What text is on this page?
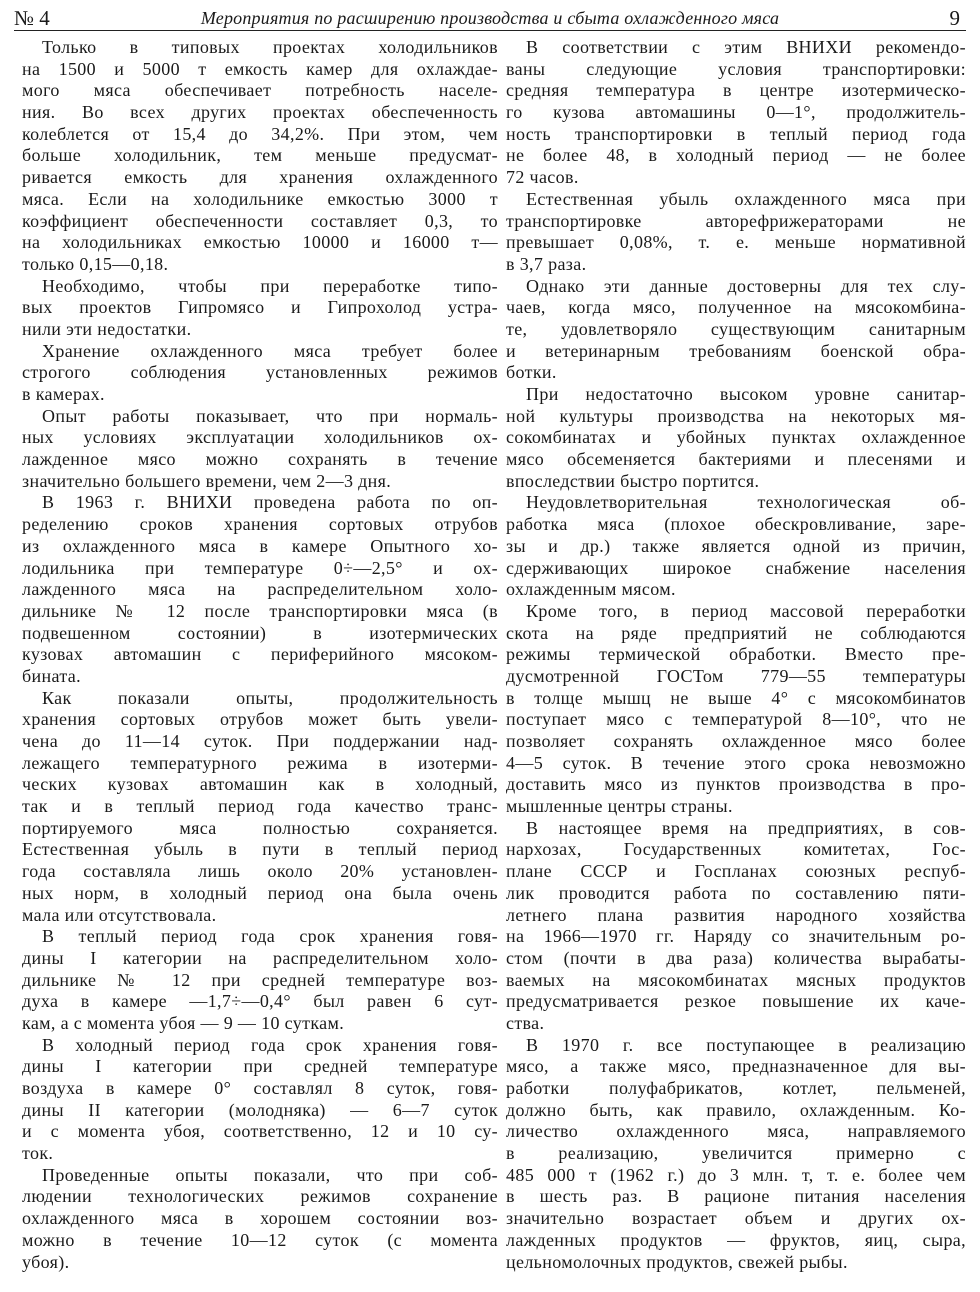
№ 4	Мероприятия по расширению производства и сбыта охлажденного мяса	9
Только в типовых проектах холодильников
на 1500 и 5000 т емкость камер для охлаждае-
мого мяса обеспечивает потребность населе-
ния. Во всех других проектах обеспеченность
колеблется от 15,4 до 34,2%. При этом, чем
больше холодильник, тем меньше предусмат-
ривается емкость для хранения охлажденного
мяса. Если на холодильнике емкостью 3000 т
коэффициент обеспеченности составляет 0,3, то
на холодильниках емкостью 10000 и 16000 т—
только 0,15—0,18.
Необходимо, чтобы при переработке типо-
вых проектов Гипромясо и Гипрохолод устра-
нили эти недостатки.
Хранение охлажденного мяса требует более
строгого соблюдения установленных режимов
в камерах.
Опыт работы показывает, что при нормаль-
ных условиях эксплуатации холодильников ох-
лажденное мясо можно сохранять в течение
значительно большего времени, чем 2—3 дня.
В 1963 г. ВНИХИ проведена работа по оп-
ределению сроков хранения сортовых отрубов
из охлажденного мяса в камере Опытного хо-
лодильника при температуре 0÷—2,5° и ох-
лажденного мяса на распределительном холо-
дильнике № 12 после транспортировки мяса (в
подвешенном состоянии) в изотермических
кузовах автомашин с периферийного мясоком-
бината.
Как показали опыты, продолжительность
хранения сортовых отрубов может быть увели-
чена до 11—14 суток. При поддержании над-
лежащего температурного режима в изотерми-
ческих кузовах автомашин как в холодный,
так и в теплый период года качество транс-
портируемого мяса полностью сохраняется.
Естественная убыль в пути в теплый период
года составляла лишь около 20% установлен-
ных норм, в холодный период она была очень
мала или отсутствовала.
В теплый период года срок хранения говя-
дины I категории на распределительном холо-
дильнике № 12 при средней температуре воз-
духа в камере —1,7÷—0,4° был равен 6 сут-
кам, а с момента убоя — 9 — 10 суткам.
В холодный период года срок хранения говя-
дины I категории при средней температуре
воздуха в камере 0° составлял 8 суток, говя-
дины II категории (молодняка) — 6—7 суток
и с момента убоя, соответственно, 12 и 10 су-
ток.
Проведенные опыты показали, что при соб-
людении технологических режимов сохранение
охлажденного мяса в хорошем состоянии воз-
можно в течение 10—12 суток (с момента
убоя).
В соответствии с этим ВНИХИ рекомендо-
ваны следующие условия транспортировки:
средняя температура в центре изотермическо-
го кузова автомашины 0—1°, продолжитель-
ность транспортировки в теплый период года
не более 48, в холодный период — не более
72 часов.
Естественная убыль охлажденного мяса при
транспортировке авторефрижераторами не
превышает 0,08%, т. е. меньше нормативной
в 3,7 раза.
Однако эти данные достоверны для тех слу-
чаев, когда мясо, полученное на мясокомбина-
те, удовлетворяло существующим санитарным
и ветеринарным требованиям боенской обра-
ботки.
При недостаточно высоком уровне санитар-
ной культуры производства на некоторых мя-
сокомбинатах и убойных пунктах охлажденное
мясо обсеменяется бактериями и плесенями и
впоследствии быстро портится.
Неудовлетворительная технологическая об-
работка мяса (плохое обескровливание, заре-
зы и др.) также является одной из причин,
сдерживающих широкое снабжение населения
охлажденным мясом.
Кроме того, в период массовой переработки
скота на ряде предприятий не соблюдаются
режимы термической обработки. Вместо пре-
дусмотренной ГОСТом 779—55 температуры
в толще мышц не выше 4° с мясокомбинатов
поступает мясо с температурой 8—10°, что не
позволяет сохранять охлажденное мясо более
4—5 суток. В течение этого срока невозможно
доставить мясо из пунктов производства в про-
мышленные центры страны.
В настоящее время на предприятиях, в сов-
нархозах, Государственных комитетах, Гос-
плане СССР и Госпланах союзных респуб-
лик проводится работа по составлению пяти-
летнего плана развития народного хозяйства
на 1966—1970 гг. Наряду со значительным ро-
стом (почти в два раза) количества вырабаты-
ваемых на мясокомбинатах мясных продуктов
предусматривается резкое повышение их каче-
ства.
В 1970 г. все поступающее в реализацию
мясо, а также мясо, предназначенное для вы-
работки полуфабрикатов, котлет, пельменей,
должно быть, как правило, охлажденным. Ко-
личество охлажденного мяса, направляемого
в реализацию, увеличится примерно с
485 000 т (1962 г.) до 3 млн. т, т. е. более чем
в шесть раз. В рационе питания населения
значительно возрастает объем и других ох-
лажденных продуктов — фруктов, яиц, сыра,
цельномолочных продуктов, свежей рыбы.
